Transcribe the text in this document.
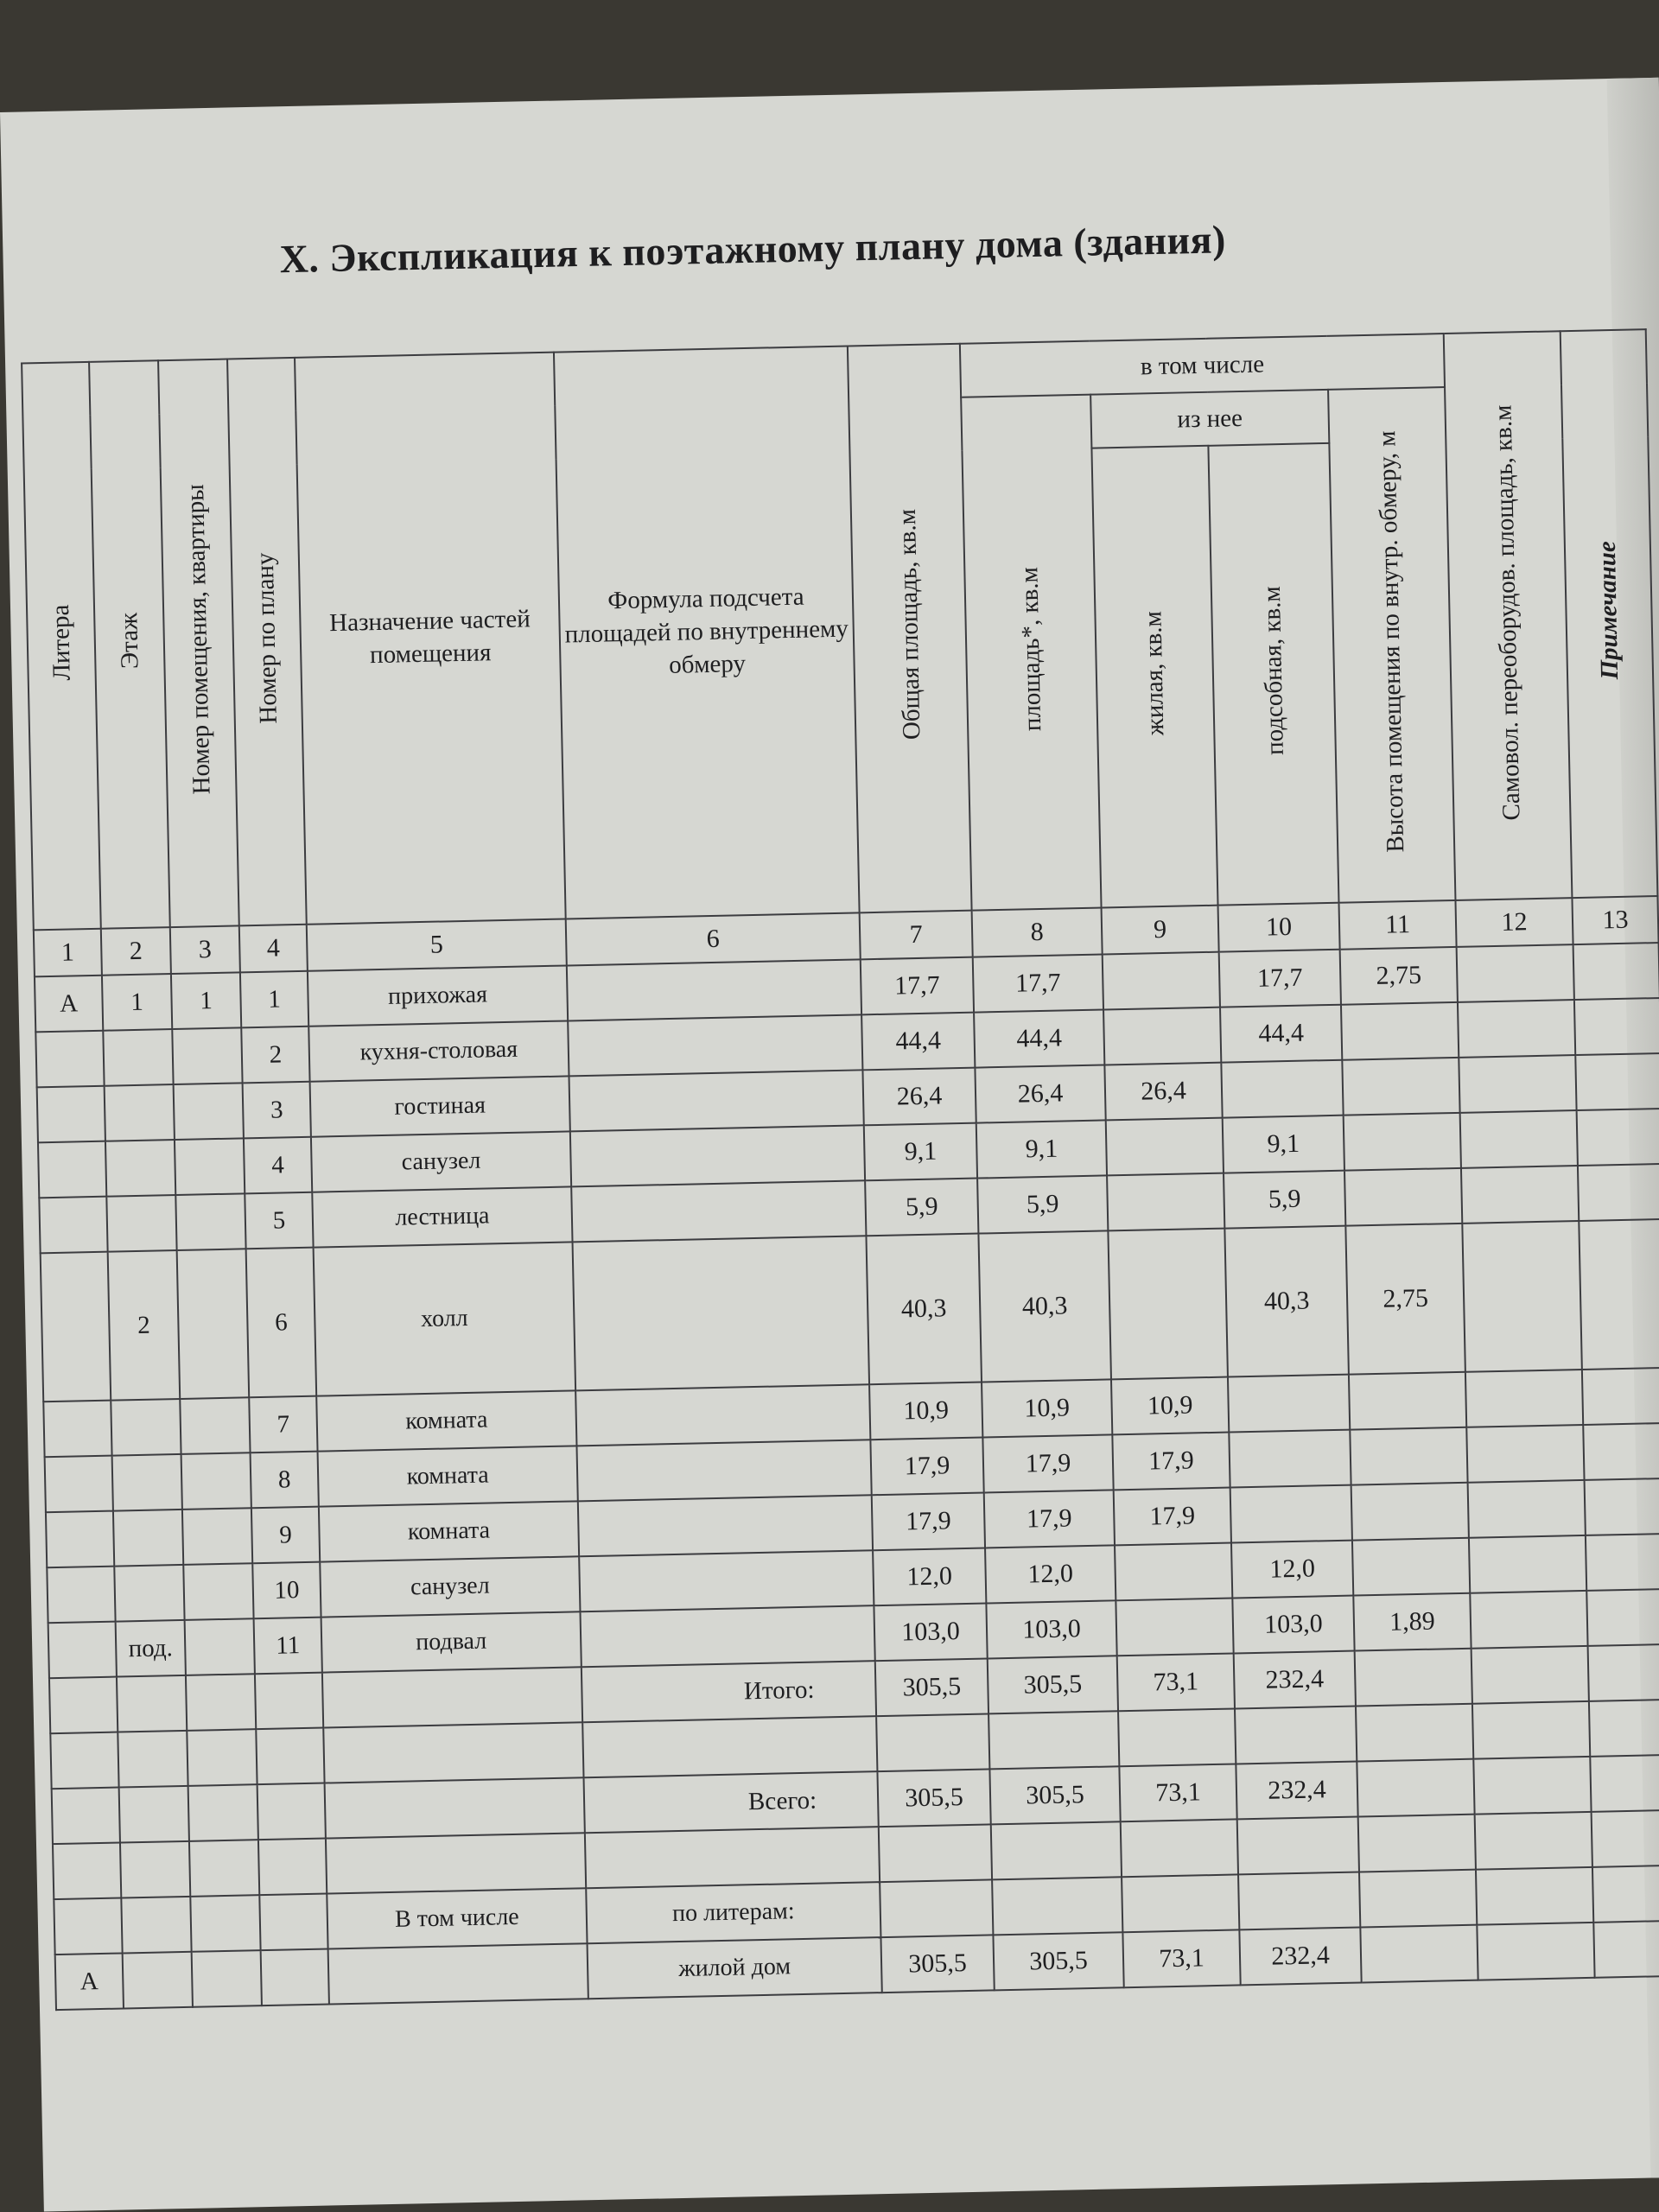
X. Экспликация к поэтажному плану дома (здания)
Литера	Этаж	Номер помещения, квартиры	Номер по плану	Назначение частей помещения	Формула подсчета площадей по внутреннему обмеру	Общая площадь, кв.м	в том числе				Самовол. переоборудов. площадь, кв.м	Примечание
							площадь*, кв.м	из нее		Высота помещения по внутр. обмеру, м		
								жилая, кв.м	подсобная, кв.м			
1	2	3	4	5	6	7	8	9	10	11	12	13
А	1	1	1	прихожая		17,7	17,7		17,7	2,75		
			2	кухня-столовая		44,4	44,4		44,4			
			3	гостиная		26,4	26,4	26,4				
			4	санузел		9,1	9,1		9,1			
			5	лестница		5,9	5,9		5,9			
	2		6	холл		40,3	40,3		40,3	2,75		
			7	комната		10,9	10,9	10,9				
			8	комната		17,9	17,9	17,9				
			9	комната		17,9	17,9	17,9				
			10	санузел		12,0	12,0		12,0			
	под.		11	подвал		103,0	103,0		103,0	1,89		
					Итого:	305,5	305,5	73,1	232,4			

					Всего:	305,5	305,5	73,1	232,4			

				В том числе	по литерам:							
А					жилой дом	305,5	305,5	73,1	232,4			
